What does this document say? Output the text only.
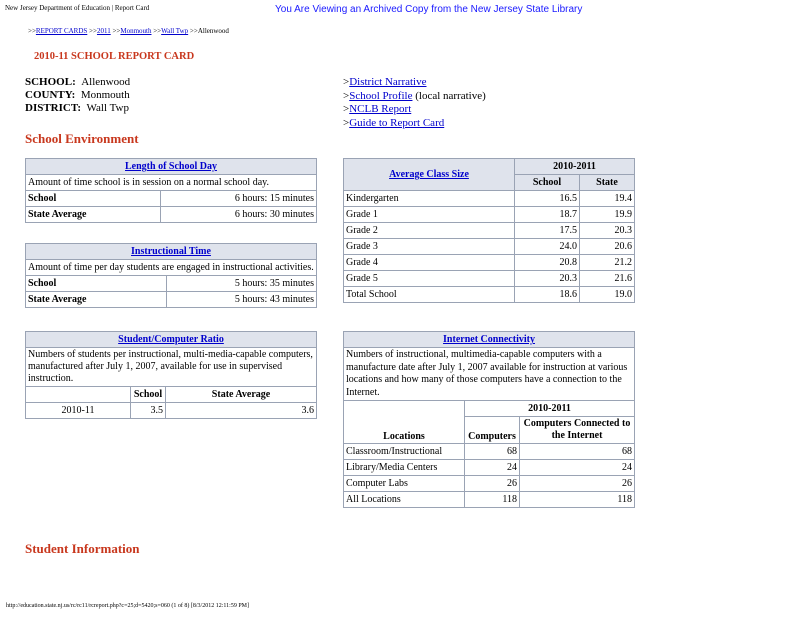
New Jersey Department of Education | Report Card	You Are Viewing an Archived Copy from the New Jersey State Library
>>REPORT CARDS >>2011 >>Monmouth >>Wall Twp >>Allenwood
2010-11 SCHOOL REPORT CARD
SCHOOL: Allenwood
COUNTY: Monmouth
DISTRICT: Wall Twp
>District Narrative
>School Profile (local narrative)
>NCLB Report
>Guide to Report Card
School Environment
Length of School Day	
Amount of time school is in session on a normal school day.	
School	6 hours: 15 minutes
State Average	6 hours: 30 minutes
Instructional Time	
Amount of time per day students are engaged in instructional activities.	
School	5 hours: 35 minutes
State Average	5 hours: 43 minutes
Student/Computer Ratio		
Numbers of students per instructional, multi-media-capable computers, manufactured after July 1, 2007, available for use in supervised instruction.		
	School	State Average
2010-11	3.5	3.6
Average Class Size	2010-2011	
	School	State
Kindergarten	16.5	19.4
Grade 1	18.7	19.9
Grade 2	17.5	20.3
Grade 3	24.0	20.6
Grade 4	20.8	21.2
Grade 5	20.3	21.6
Total School	18.6	19.0
Internet Connectivity		
Numbers of instructional, multimedia-capable computers with a manufacture date after July 1, 2007 available for instruction at various locations and how many of those computers have a connection to the Internet.		
Locations	2010-2011	
	Computers	Computers Connected to the Internet
Classroom/Instructional	68	68
Library/Media Centers	24	24
Computer Labs	26	26
All Locations	118	118
Student Information
http://education.state.nj.us/rc/rc11/rcreport.php?c=25;d=5420;s=060 (1 of 8) [8/3/2012 12:11:59 PM]
